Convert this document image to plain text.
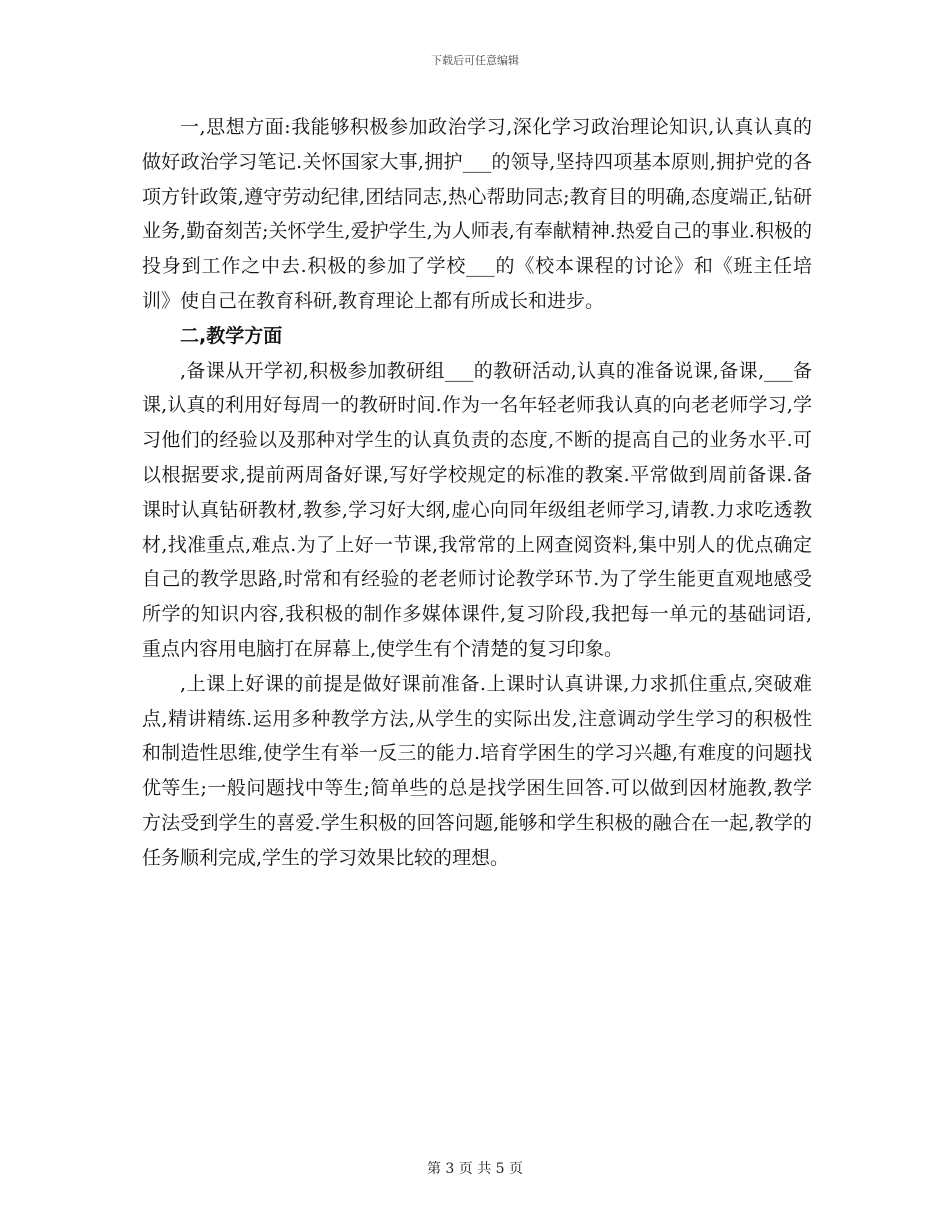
下载后可任意编辑

一,思想方面:我能够积极参加政治学习,深化学习政治理论知识,认真认真的做好政治学习笔记.关怀国家大事,拥护___的领导,坚持四项基本原则,拥护党的各项方针政策,遵守劳动纪律,团结同志,热心帮助同志;教育目的明确,态度端正,钻研业务,勤奋刻苦;关怀学生,爱护学生,为人师表,有奉献精神.热爱自己的事业.积极的投身到工作之中去.积极的参加了学校___的《校本课程的讨论》和《班主任培训》使自己在教育科研,教育理论上都有所成长和进步。

二,教学方面

,备课从开学初,积极参加教研组___的教研活动,认真的准备说课,备课,___备课,认真的利用好每周一的教研时间.作为一名年轻老师我认真的向老老师学习,学习他们的经验以及那种对学生的认真负责的态度,不断的提高自己的业务水平.可以根据要求,提前两周备好课,写好学校规定的标准的教案.平常做到周前备课.备课时认真钻研教材,教参,学习好大纲,虚心向同年级组老师学习,请教.力求吃透教材,找准重点,难点.为了上好一节课,我常常的上网查阅资料,集中别人的优点确定自己的教学思路,时常和有经验的老老师讨论教学环节.为了学生能更直观地感受所学的知识内容,我积极的制作多媒体课件,复习阶段,我把每一单元的基础词语,重点内容用电脑打在屏幕上,使学生有个清楚的复习印象。

,上课上好课的前提是做好课前准备.上课时认真讲课,力求抓住重点,突破难点,精讲精练.运用多种教学方法,从学生的实际出发,注意调动学生学习的积极性和制造性思维,使学生有举一反三的能力.培育学困生的学习兴趣,有难度的问题找优等生;一般问题找中等生;简单些的总是找学困生回答.可以做到因材施教,教学方法受到学生的喜爱.学生积极的回答问题,能够和学生积极的融合在一起,教学的任务顺利完成,学生的学习效果比较的理想。

第 3 页 共 5 页
